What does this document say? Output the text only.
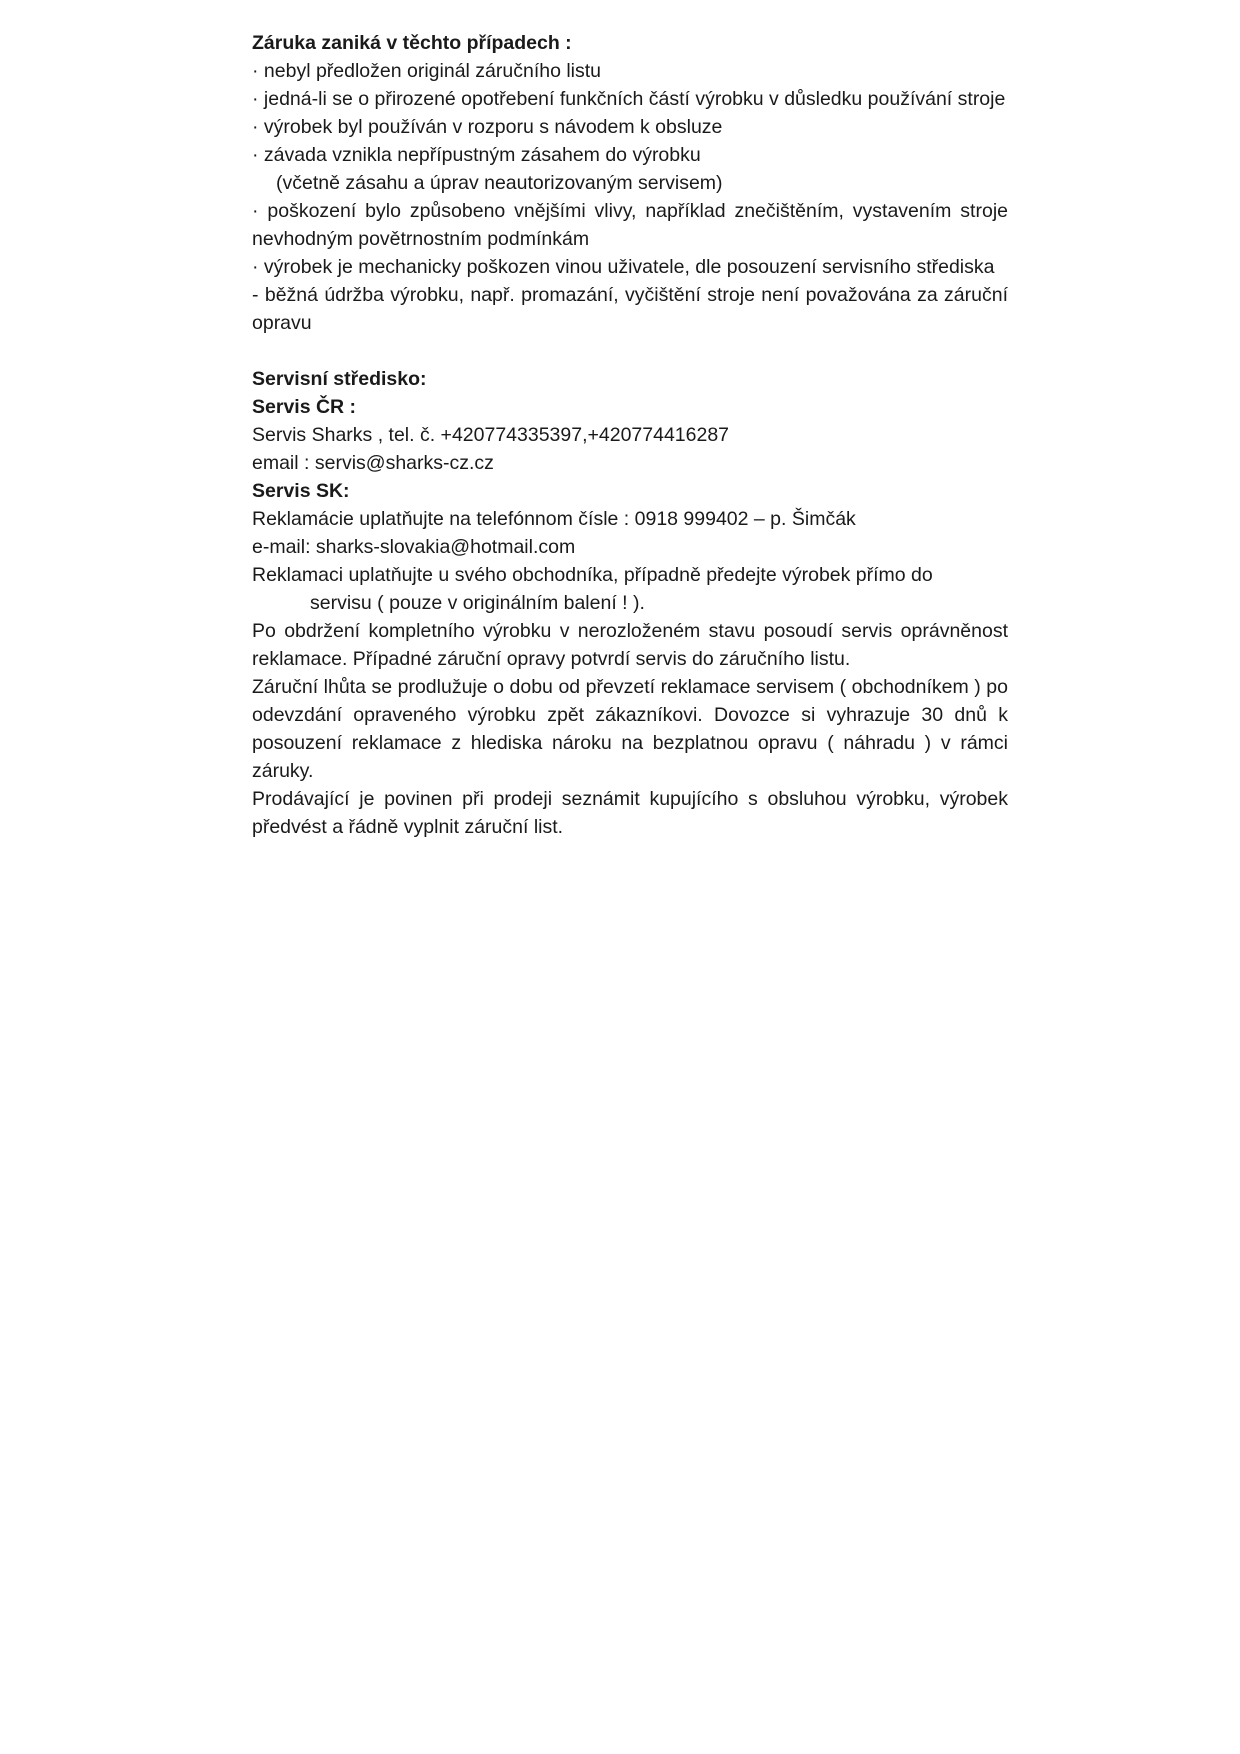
Záruka zaniká v těchto případech :

· nebyl předložen originál záručního listu

· jedná-li se o přirozené opotřebení funkčních částí výrobku v důsledku používání stroje

· výrobek byl používán v rozporu s návodem k obsluze

· závada vznikla nepřípustným zásahem do výrobku

(včetně zásahu a úprav neautorizovaným servisem)

· poškození bylo způsobeno vnějšími vlivy, například znečištěním, vystavením stroje nevhodným povětrnostním podmínkám

· výrobek je mechanicky poškozen vinou uživatele, dle posouzení servisního střediska

- běžná údržba výrobku, např. promazání, vyčištění stroje není považována za záruční opravu

Servisní středisko:

Servis ČR :

Servis Sharks , tel. č. +420774335397,+420774416287

email : servis@sharks-cz.cz

Servis SK:

Reklamácie uplatňujte na telefónnom čísle : 0918 999402 – p. Šimčák

e-mail: sharks-slovakia@hotmail.com

Reklamaci uplatňujte u svého obchodníka, případně předejte výrobek přímo do

servisu ( pouze v originálním balení ! ).

Po obdržení kompletního výrobku v nerozloženém stavu posoudí servis oprávněnost reklamace. Případné záruční opravy potvrdí servis do záručního listu.

Záruční lhůta se prodlužuje o dobu od převzetí reklamace servisem ( obchodníkem ) po odevzdání opraveného výrobku zpět zákazníkovi. Dovozce si vyhrazuje 30 dnů k posouzení reklamace z hlediska nároku na bezplatnou opravu ( náhradu ) v rámci záruky.

Prodávající je povinen při prodeji seznámit kupujícího s obsluhou výrobku, výrobek předvést a řádně vyplnit záruční list.
